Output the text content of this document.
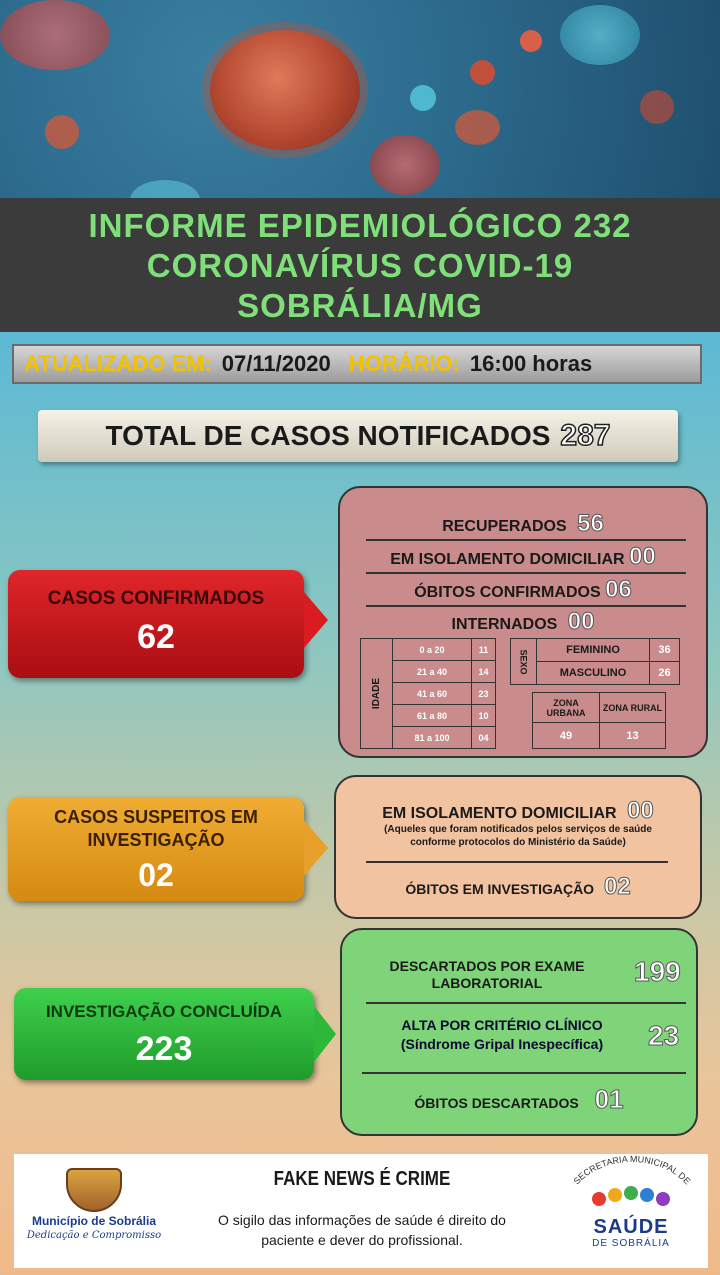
INFORME EPIDEMIOLÓGICO 232
CORONAVÍRUS COVID-19
SOBRÁLIA/MG
ATUALIZADO EM: 07/11/2020 HORÁRIO: 16:00 horas
TOTAL DE CASOS NOTIFICADOS 287
CASOS CONFIRMADOS
62
RECUPERADOS 56
EM ISOLAMENTO DOMICILIAR 00
ÓBITOS CONFIRMADOS 06
INTERNADOS 00
IDADE	0 a 20	11
	21 a 40	14
	41 a 60	23
	61 a 80	10
	81 a 100	04
SEXO	FEMININO	36
	MASCULINO	26
ZONA URBANA	ZONA RURAL
49	13
CASOS SUSPEITOS EM
INVESTIGAÇÃO
02
EM ISOLAMENTO DOMICILIAR 00
(Aqueles que foram notificados pelos serviços de saúde
conforme protocolos do Ministério da Saúde)
ÓBITOS EM INVESTIGAÇÃO 02
INVESTIGAÇÃO CONCLUÍDA
223
DESCARTADOS POR EXAME
LABORATORIAL	199
ALTA POR CRITÉRIO CLÍNICO
(Síndrome Gripal Inespecífica)	23
ÓBITOS DESCARTADOS 01
Município de Sobrália
Dedicação e Compromisso
FAKE NEWS É CRIME
O sigilo das informações de saúde é direito do
paciente e dever do profissional.
SECRETARIA MUNICIPAL DE
SAÚDE
DE SOBRÁLIA
